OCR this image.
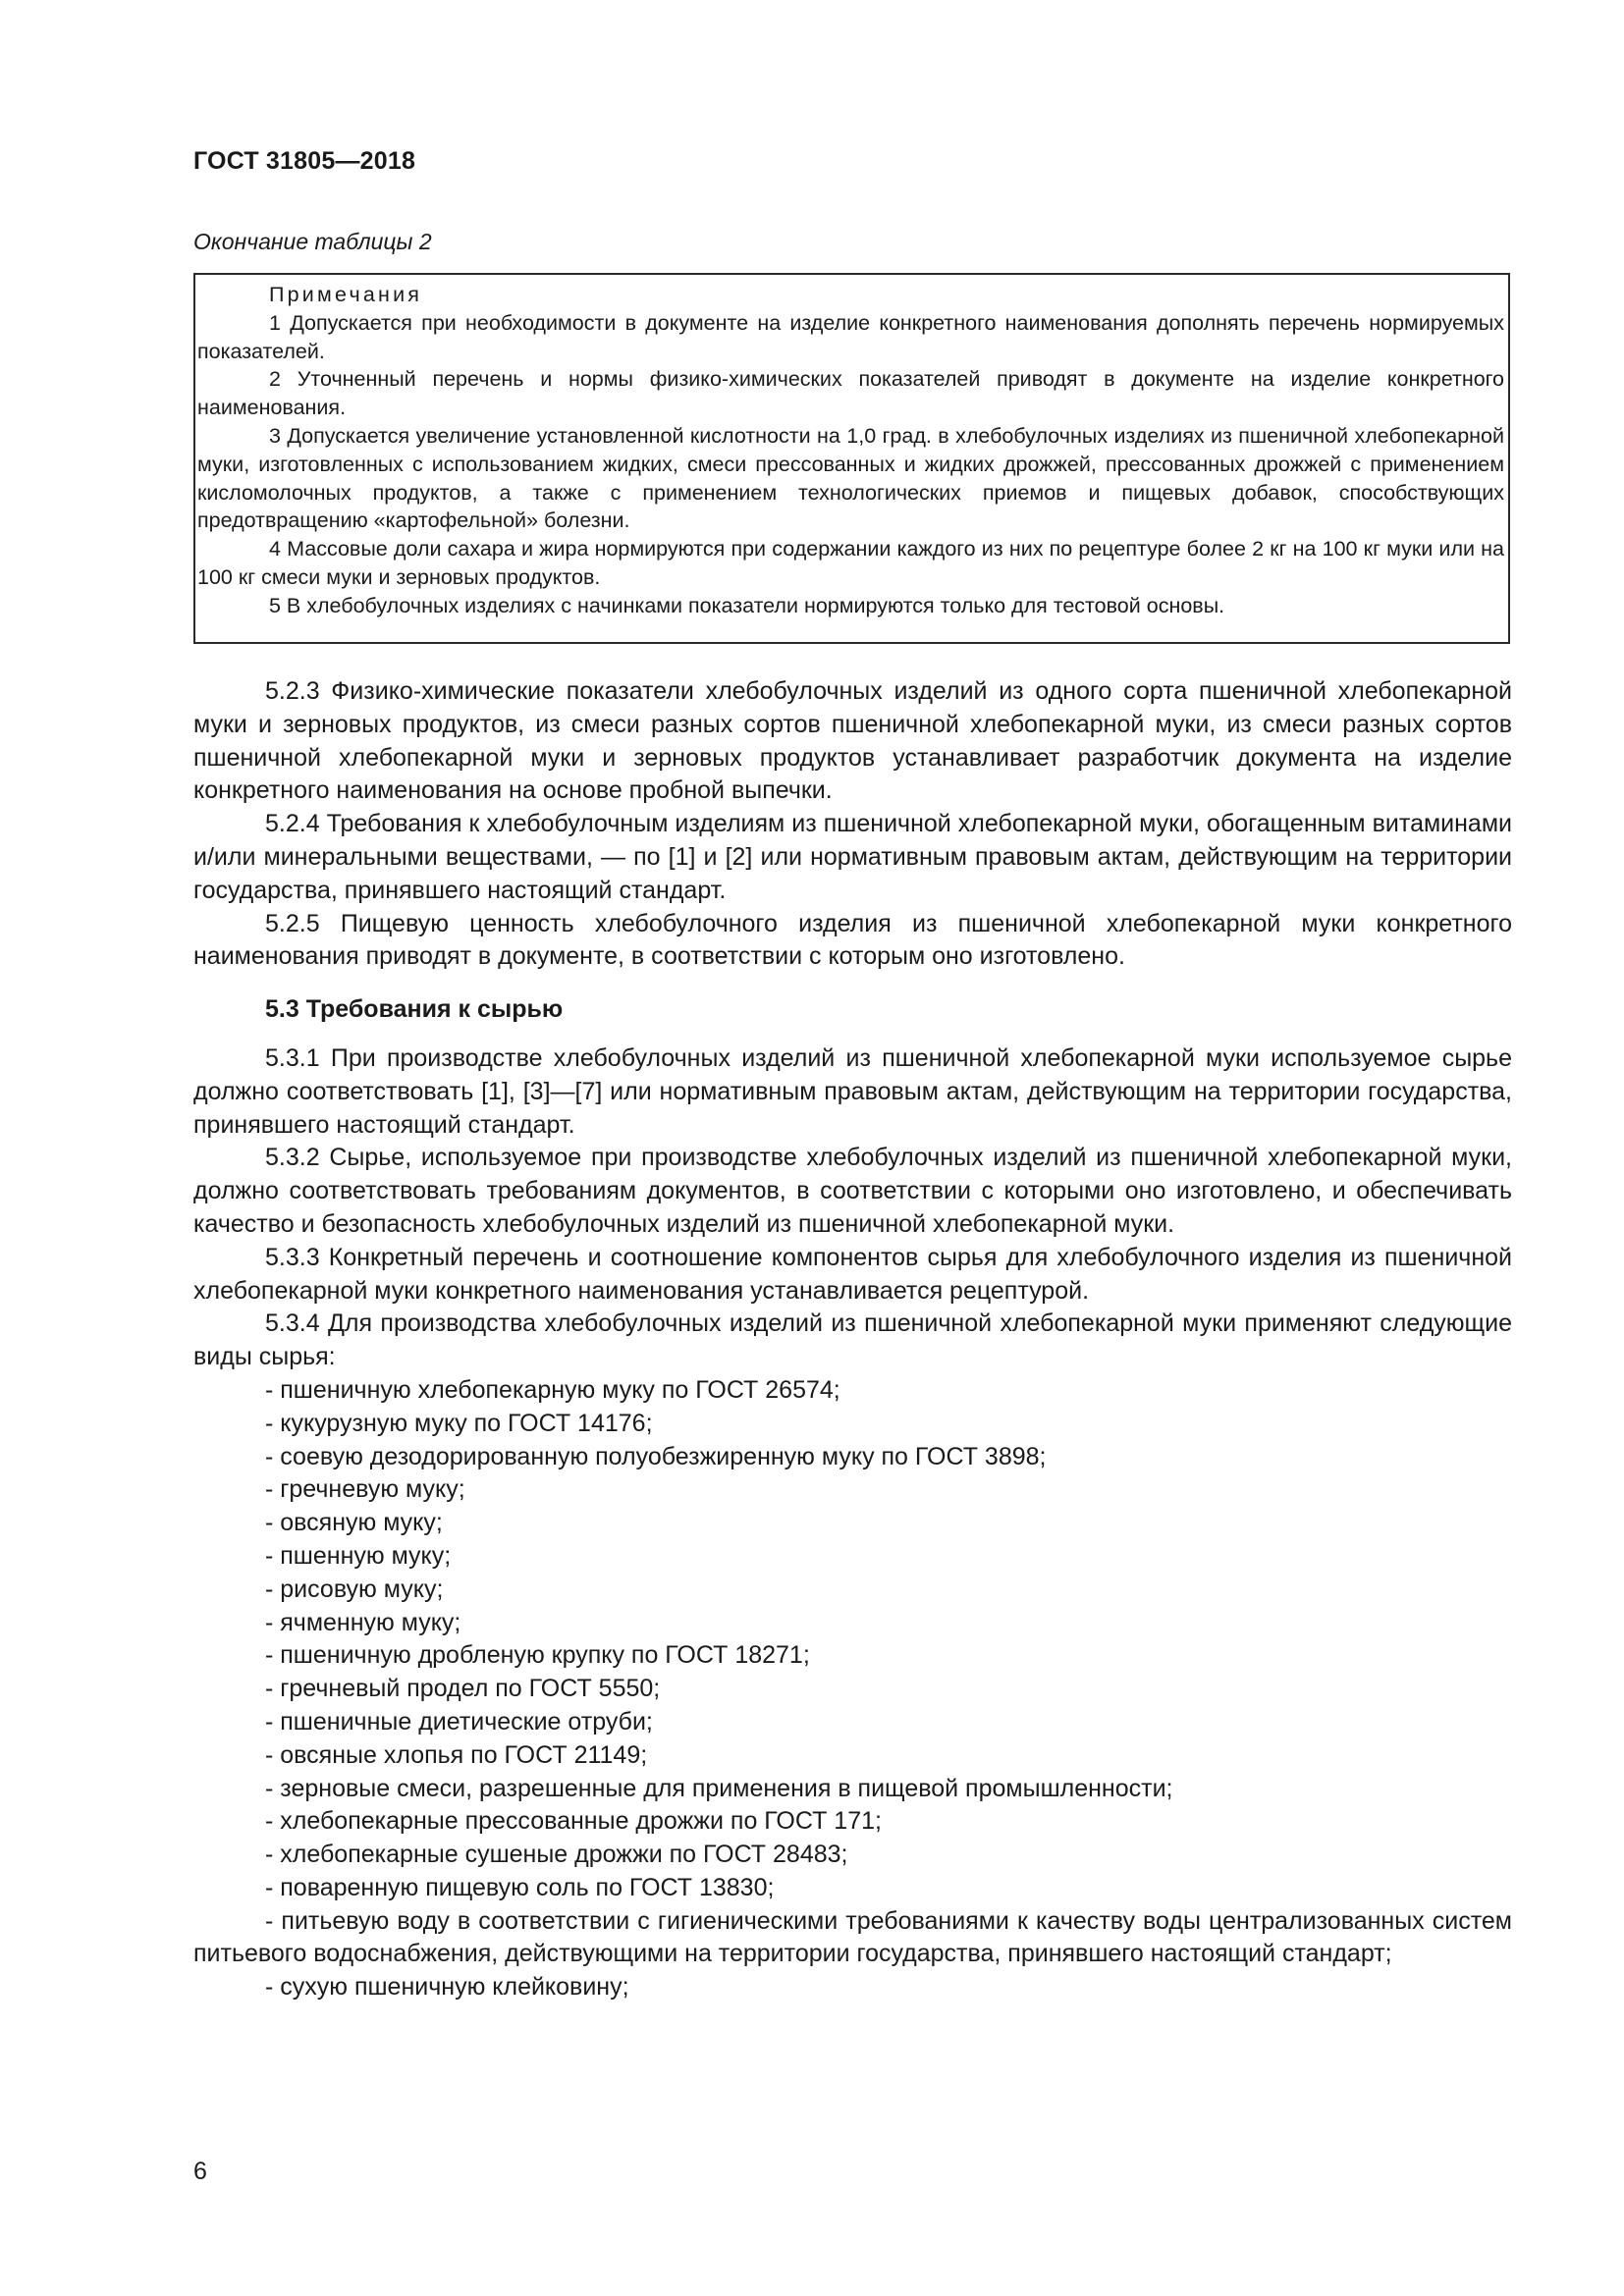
ГОСТ 31805—2018
Окончание таблицы 2
Примечания
1 Допускается при необходимости в документе на изделие конкретного наименования дополнять перечень нормируемых показателей.
2 Уточненный перечень и нормы физико-химических показателей приводят в документе на изделие конкретного наименования.
3 Допускается увеличение установленной кислотности на 1,0 град. в хлебобулочных изделиях из пшеничной хлебопекарной муки, изготовленных с использованием жидких, смеси прессованных и жидких дрожжей, прессованных дрожжей с применением кисломолочных продуктов, а также с применением технологических приемов и пищевых добавок, способствующих предотвращению «картофельной» болезни.
4 Массовые доли сахара и жира нормируются при содержании каждого из них по рецептуре более 2 кг на 100 кг муки или на 100 кг смеси муки и зерновых продуктов.
5 В хлебобулочных изделиях с начинками показатели нормируются только для тестовой основы.

5.2.3 Физико-химические показатели хлебобулочных изделий из одного сорта пшеничной хлебопекарной муки и зерновых продуктов, из смеси разных сортов пшеничной хлебопекарной муки, из смеси разных сортов пшеничной хлебопекарной муки и зерновых продуктов устанавливает разработчик документа на изделие конкретного наименования на основе пробной выпечки.

5.2.4 Требования к хлебобулочным изделиям из пшеничной хлебопекарной муки, обогащенным витаминами и/или минеральными веществами, — по [1] и [2] или нормативным правовым актам, действующим на территории государства, принявшего настоящий стандарт.

5.2.5 Пищевую ценность хлебобулочного изделия из пшеничной хлебопекарной муки конкретного наименования приводят в документе, в соответствии с которым оно изготовлено.

5.3 Требования к сырью

5.3.1 При производстве хлебобулочных изделий из пшеничной хлебопекарной муки используемое сырье должно соответствовать [1], [3]—[7] или нормативным правовым актам, действующим на территории государства, принявшего настоящий стандарт.

5.3.2 Сырье, используемое при производстве хлебобулочных изделий из пшеничной хлебопекарной муки, должно соответствовать требованиям документов, в соответствии с которыми оно изготовлено, и обеспечивать качество и безопасность хлебобулочных изделий из пшеничной хлебопекарной муки.

5.3.3 Конкретный перечень и соотношение компонентов сырья для хлебобулочного изделия из пшеничной хлебопекарной муки конкретного наименования устанавливается рецептурой.

5.3.4 Для производства хлебобулочных изделий из пшеничной хлебопекарной муки применяют следующие виды сырья:

- пшеничную хлебопекарную муку по ГОСТ 26574;
- кукурузную муку по ГОСТ 14176;
- соевую дезодорированную полуобезжиренную муку по ГОСТ 3898;
- гречневую муку;
- овсяную муку;
- пшенную муку;
- рисовую муку;
- ячменную муку;
- пшеничную дробленую крупку по ГОСТ 18271;
- гречневый продел по ГОСТ 5550;
- пшеничные диетические отруби;
- овсяные хлопья по ГОСТ 21149;
- зерновые смеси, разрешенные для применения в пищевой промышленности;
- хлебопекарные прессованные дрожжи по ГОСТ 171;
- хлебопекарные сушеные дрожжи по ГОСТ 28483;
- поваренную пищевую соль по ГОСТ 13830;
- питьевую воду в соответствии с гигиеническими требованиями к качеству воды централизованных систем питьевого водоснабжения, действующими на территории государства, принявшего настоящий стандарт;
- сухую пшеничную клейковину;
6
